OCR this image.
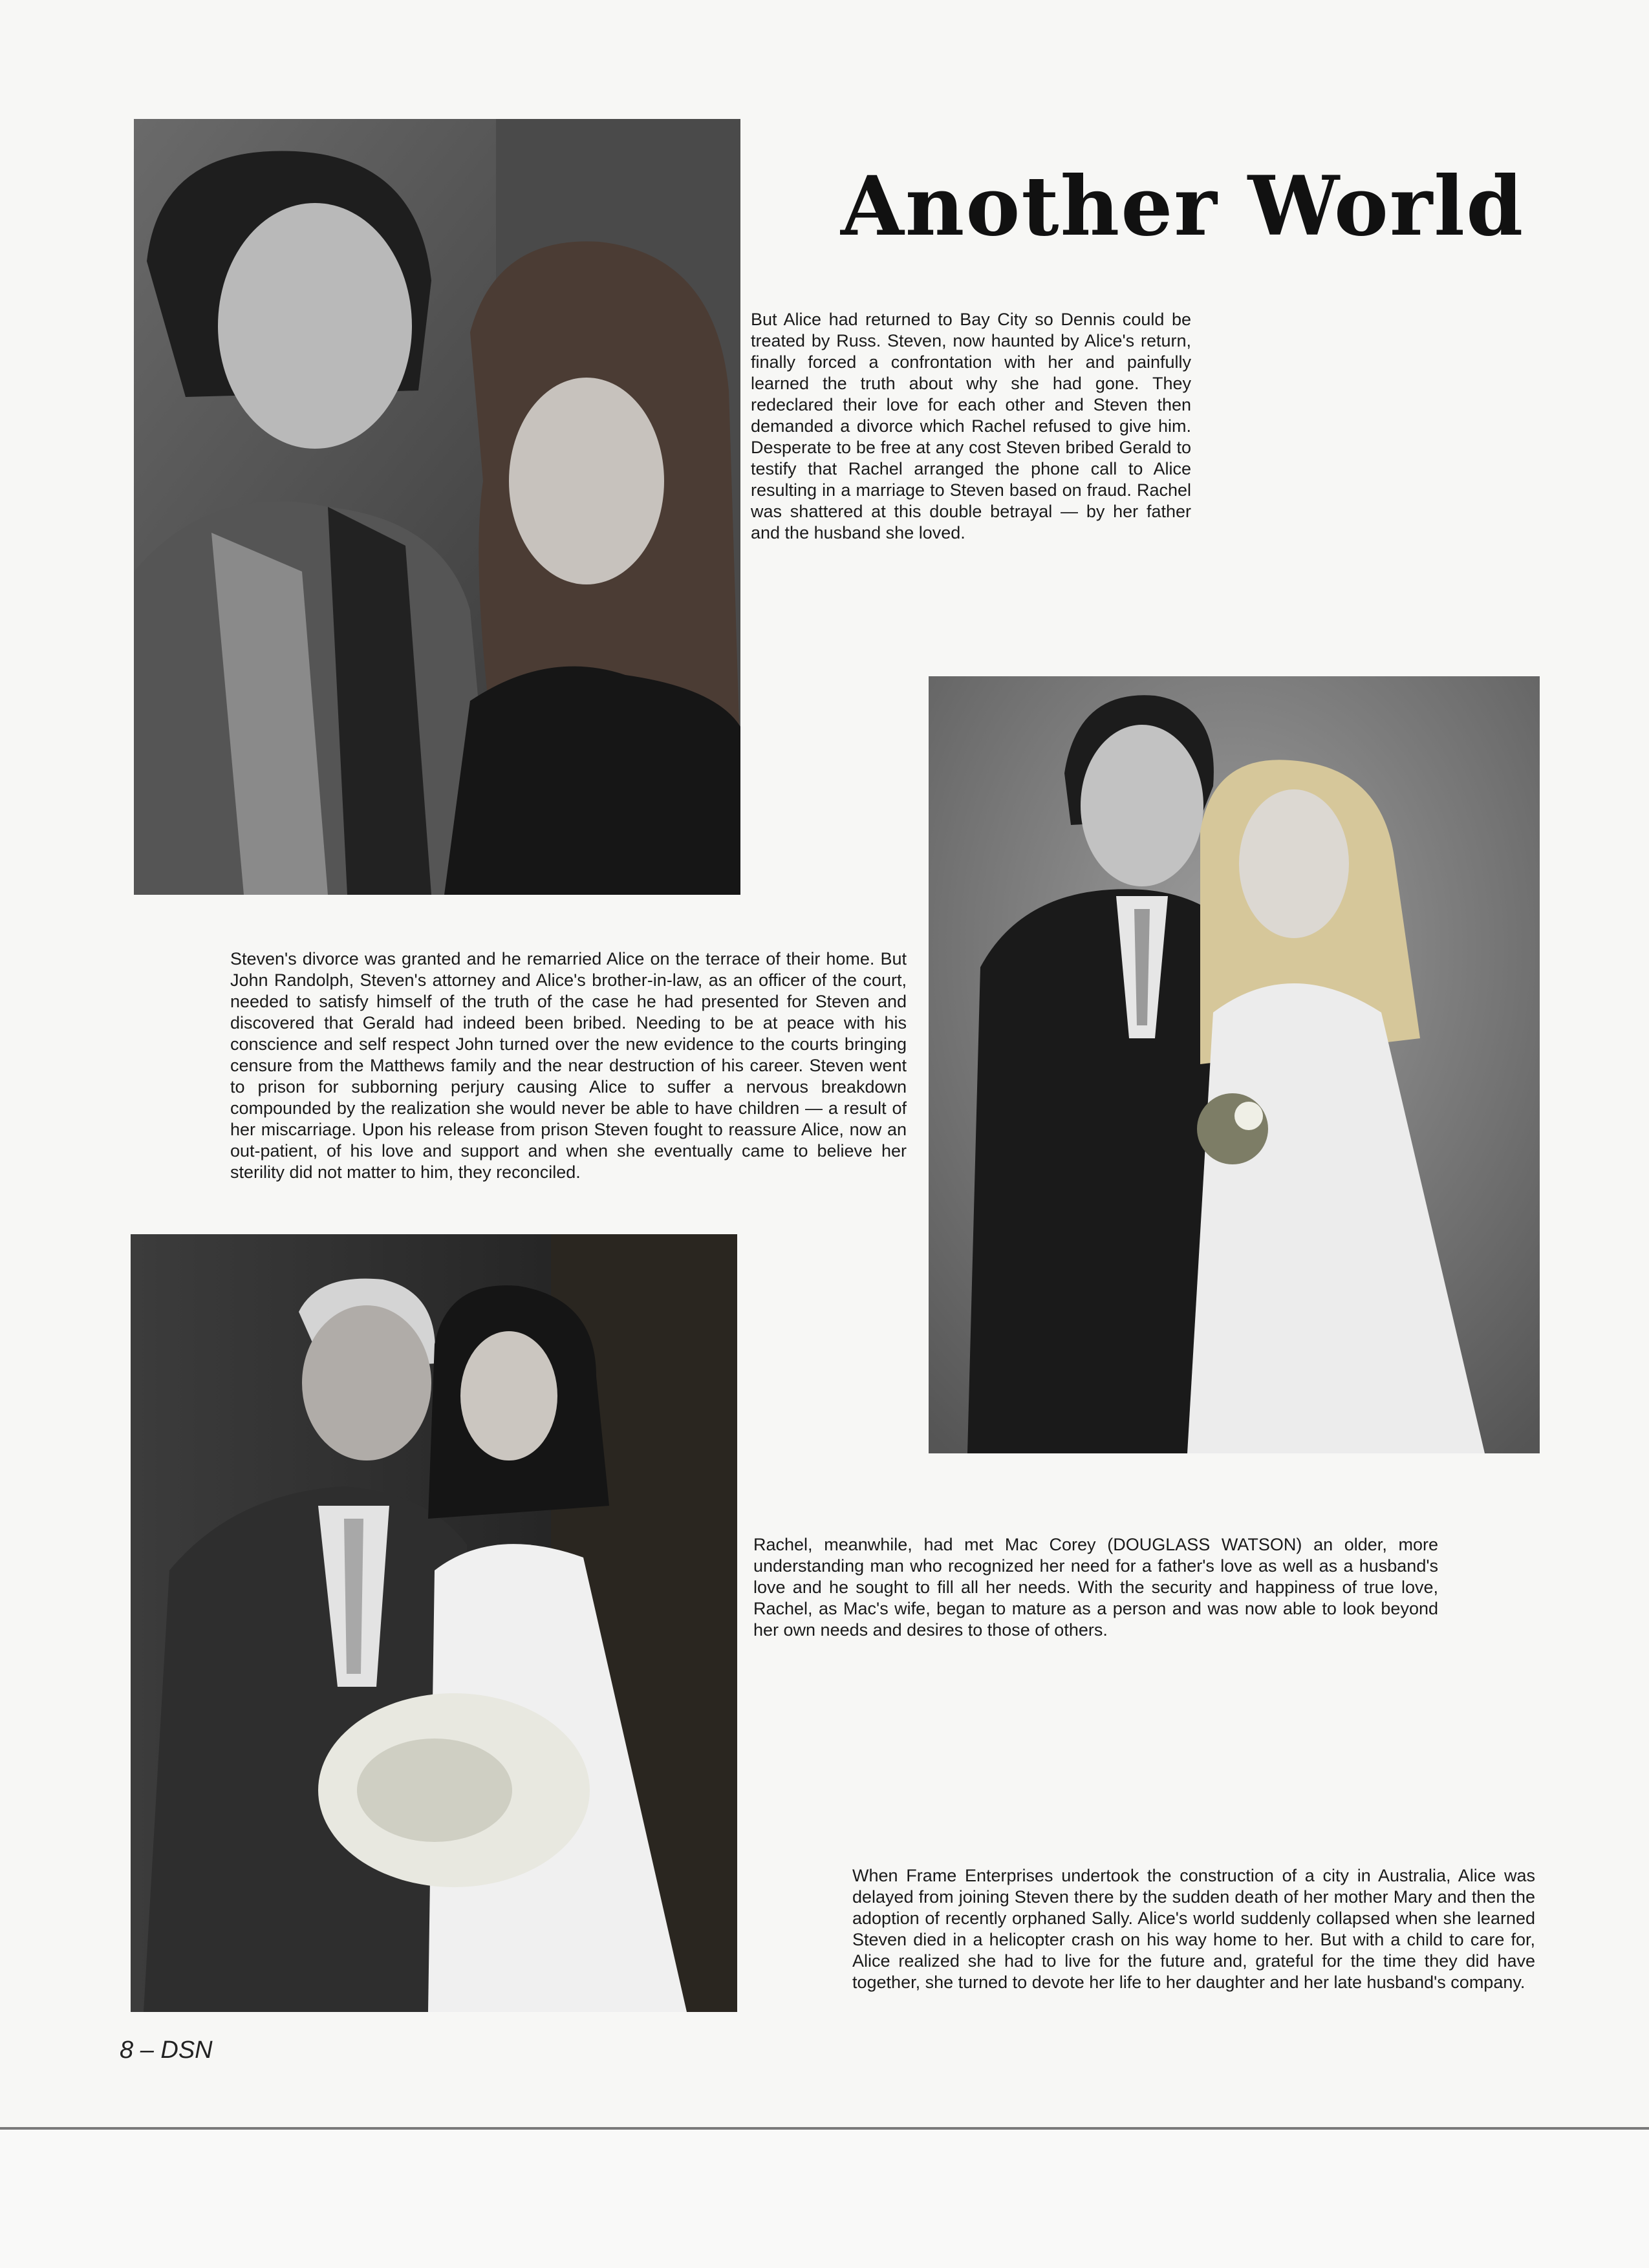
Another World

But Alice had returned to Bay City so Dennis could be treated by Russ. Steven, now haunted by Alice's return, finally forced a confrontation with her and painfully learned the truth about why she had gone. They redeclared their love for each other and Steven then demanded a divorce which Rachel refused to give him. Desperate to be free at any cost Steven bribed Gerald to testify that Rachel arranged the phone call to Alice resulting in a marriage to Steven based on fraud. Rachel was shattered at this double betrayal — by her father and the husband she loved.

Steven's divorce was granted and he remarried Alice on the terrace of their home. But John Randolph, Steven's attorney and Alice's brother-in-law, as an officer of the court, needed to satisfy himself of the truth of the case he had presented for Steven and discovered that Gerald had indeed been bribed. Needing to be at peace with his conscience and self respect John turned over the new evidence to the courts bringing censure from the Matthews family and the near destruction of his career. Steven went to prison for subborning perjury causing Alice to suffer a nervous breakdown compounded by the realization she would never be able to have children — a result of her miscarriage. Upon his release from prison Steven fought to reassure Alice, now an out-patient, of his love and support and when she eventually came to believe her sterility did not matter to him, they reconciled.

Rachel, meanwhile, had met Mac Corey (DOUGLASS WATSON) an older, more understanding man who recognized her need for a father's love as well as a husband's love and he sought to fill all her needs. With the security and happiness of true love, Rachel, as Mac's wife, began to mature as a person and was now able to look beyond her own needs and desires to those of others.

When Frame Enterprises undertook the construction of a city in Australia, Alice was delayed from joining Steven there by the sudden death of her mother Mary and then the adoption of recently orphaned Sally. Alice's world suddenly collapsed when she learned Steven died in a helicopter crash on his way home to her. But with a child to care for, Alice realized she had to live for the future and, grateful for the time they did have together, she turned to devote her life to her daughter and her late husband's company.

8 – DSN
